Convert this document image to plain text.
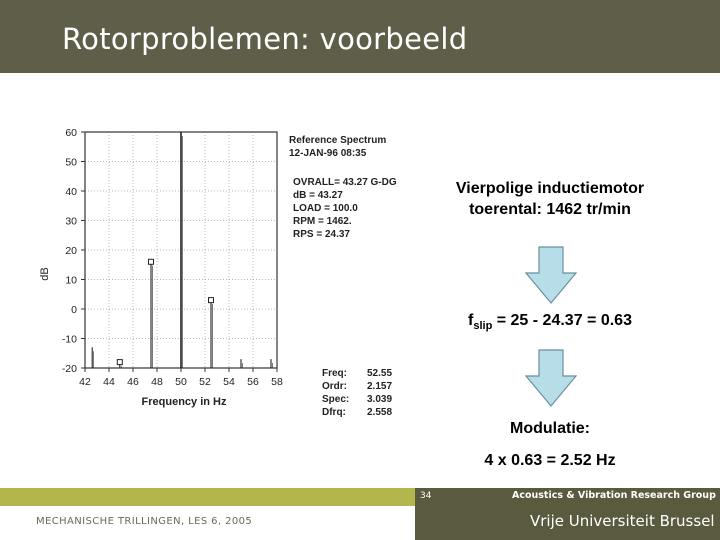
Rotorproblemen: voorbeeld
60
50
40
30
20
10
0
-10
-20
42 44 46 48 50 52 54 56 58
dB
Frequency in Hz
Reference Spectrum
12-JAN-96 08:35
OVRALL= 43.27 G-DG
dB = 43.27
LOAD = 100.0
RPM = 1462.
RPS = 24.37
Freq:
Ordr:
Spec:
Dfrq:
52.55
2.157
3.039
2.558
Vierpolige inductiemotor
toerental: 1462 tr/min
$f_{slip} = 25 - 24.37 = 0.63$
Modulatie:
4 x 0.63 = 2.52 Hz
34	Acoustics & Vibration Research Group
MECHANISCHE TRILLINGEN, LES 6, 2005	Vrije Universiteit Brussel
